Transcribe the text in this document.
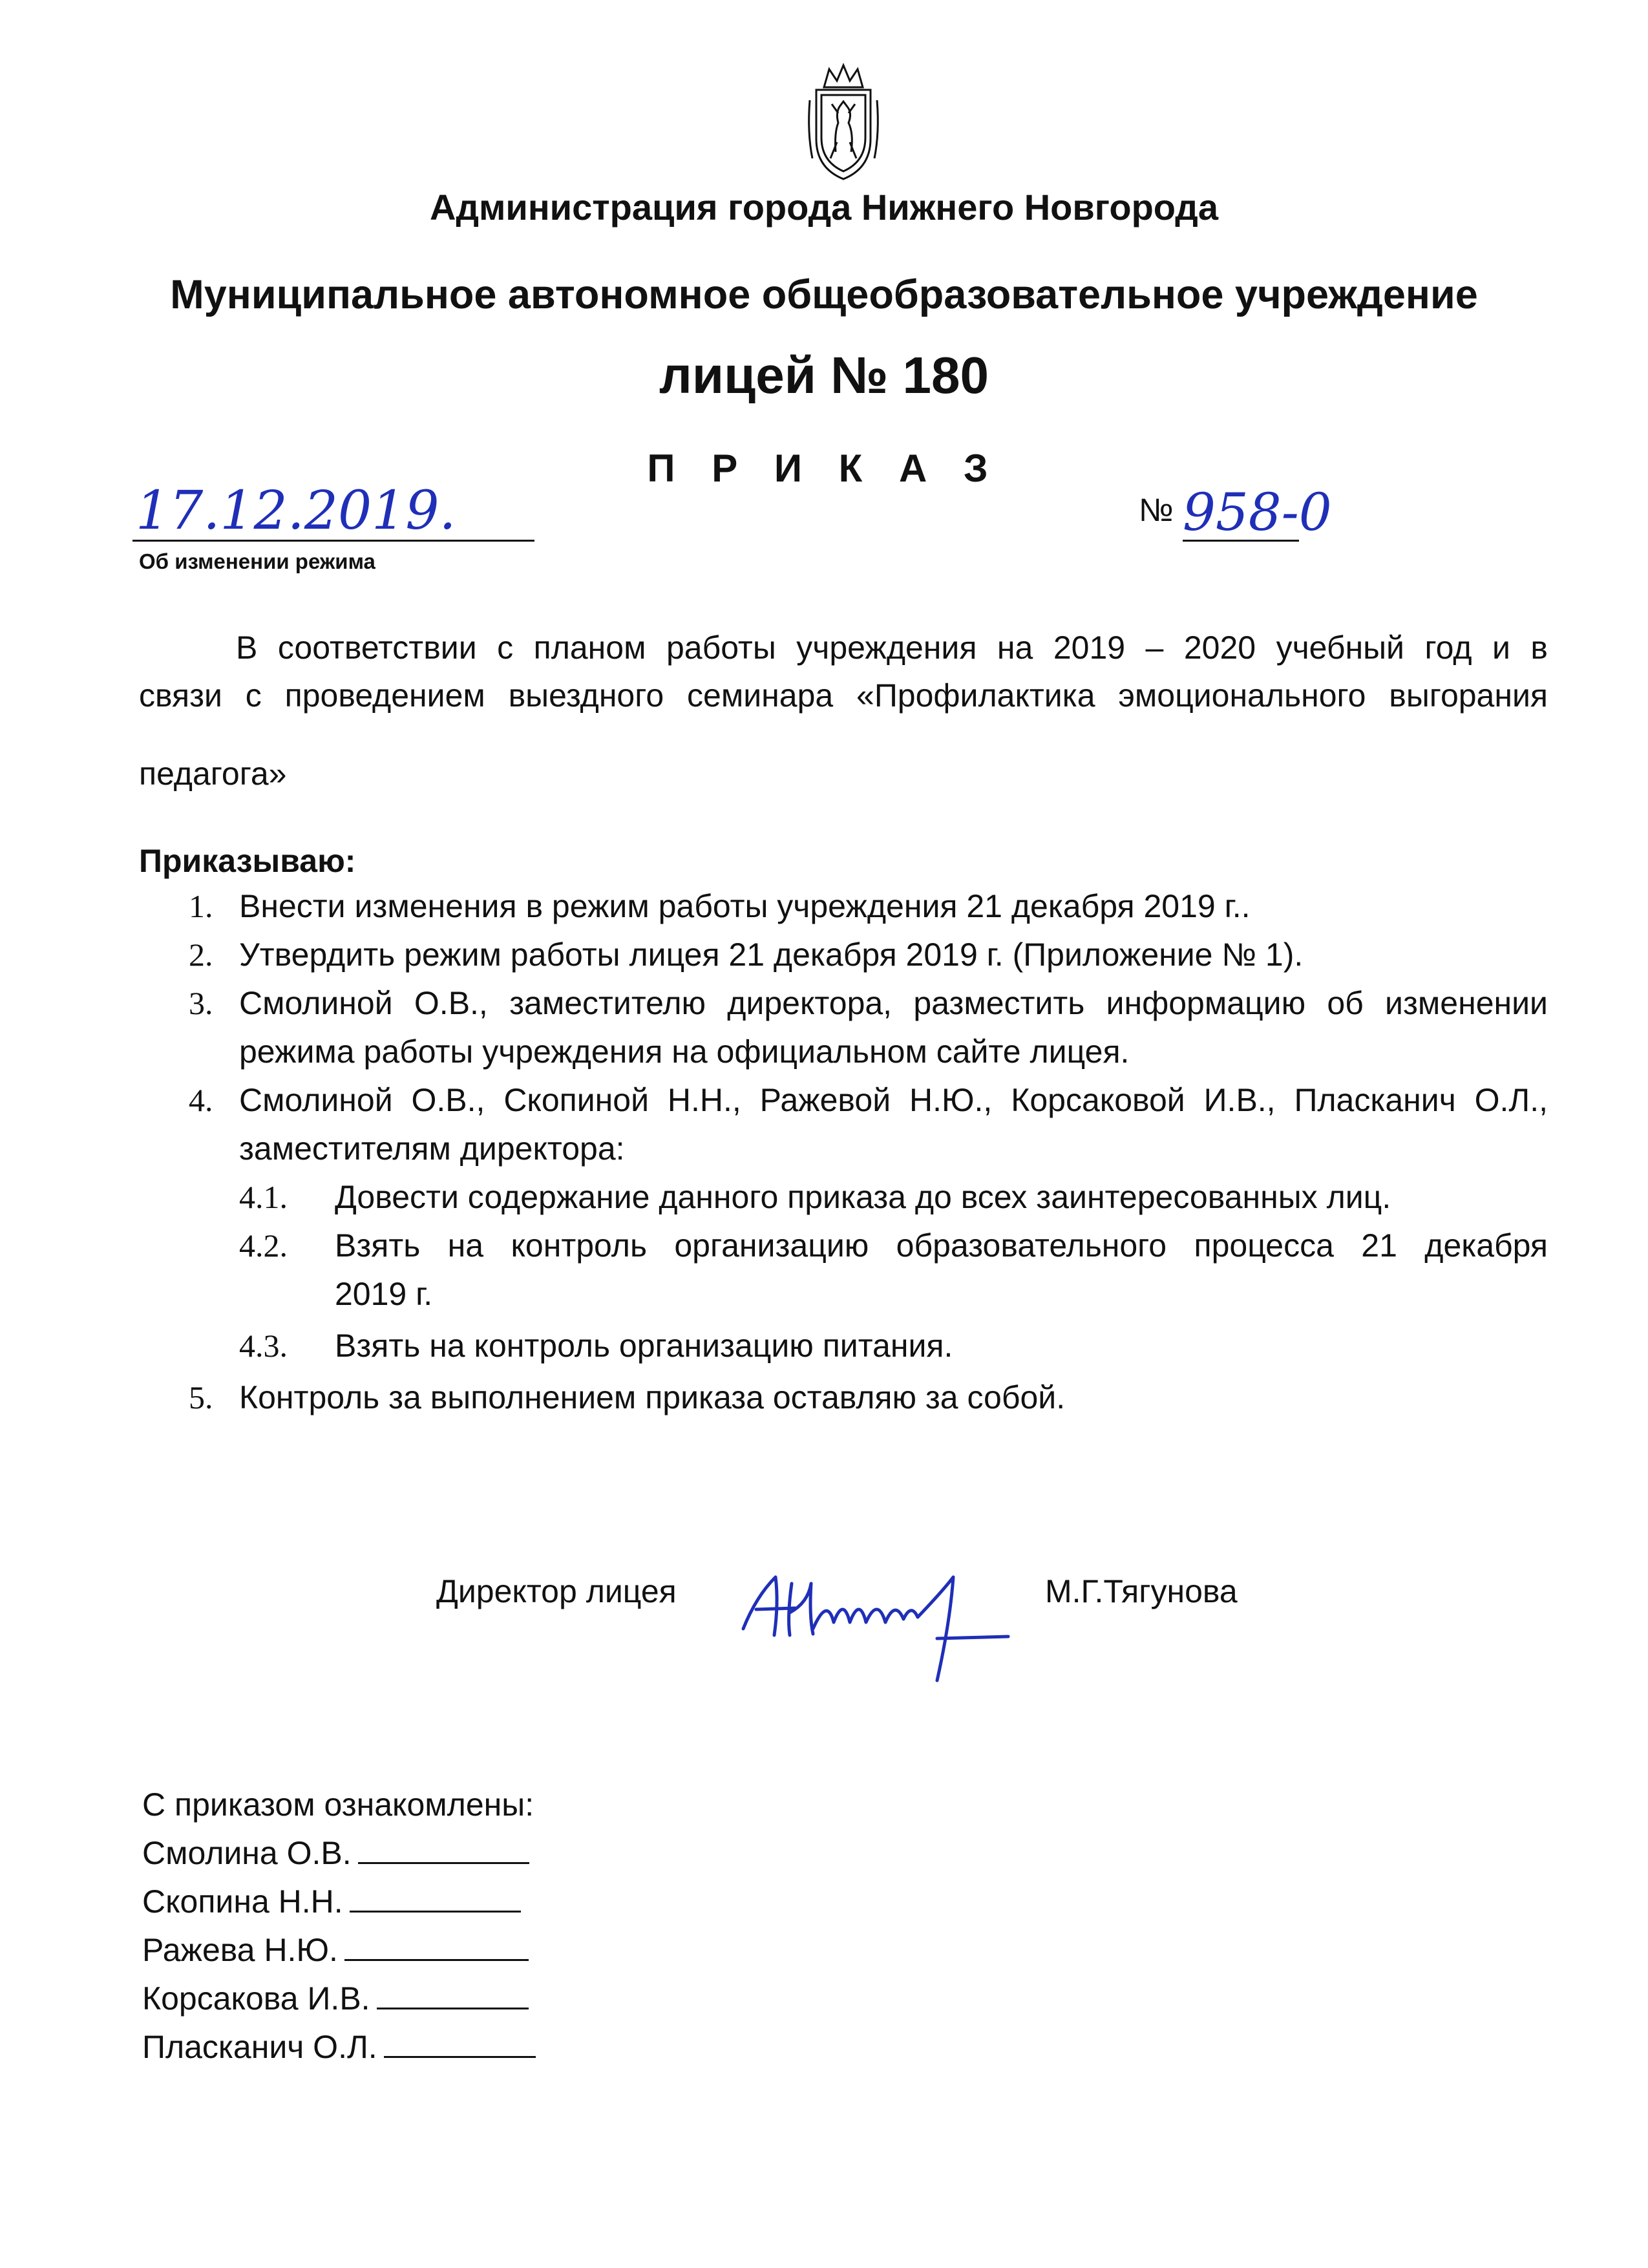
Администрация города Нижнего Новгорода
Муниципальное автономное общеобразовательное учреждение
лицей № 180
П Р И К А З
17.12.2019.
Об изменении режима
№ 958-0
В соответствии с планом работы учреждения на 2019 – 2020 учебный год и в
связи с проведением выездного семинара «Профилактика эмоционального выгорания
педагога»
Приказываю:
1. Внести изменения в режим работы учреждения 21 декабря 2019 г..
2. Утвердить режим работы лицея 21 декабря 2019 г. (Приложение № 1).
3. Смолиной О.В., заместителю директора, разместить информацию об изменении
режима работы учреждения на официальном сайте лицея.
4. Смолиной О.В., Скопиной Н.Н., Ражевой Н.Ю., Корсаковой И.В., Пласканич О.Л.,
заместителям директора:
4.1. Довести содержание данного приказа до всех заинтересованных лиц.
4.2. Взять на контроль организацию образовательного процесса 21 декабря
2019 г.
4.3. Взять на контроль организацию питания.
5. Контроль за выполнением приказа оставляю за собой.
Директор лицея	М.Г.Тягунова
С приказом ознакомлены:
Смолина О.В.
Скопина Н.Н.
Ражева Н.Ю.
Корсакова И.В.
Пласканич О.Л.
